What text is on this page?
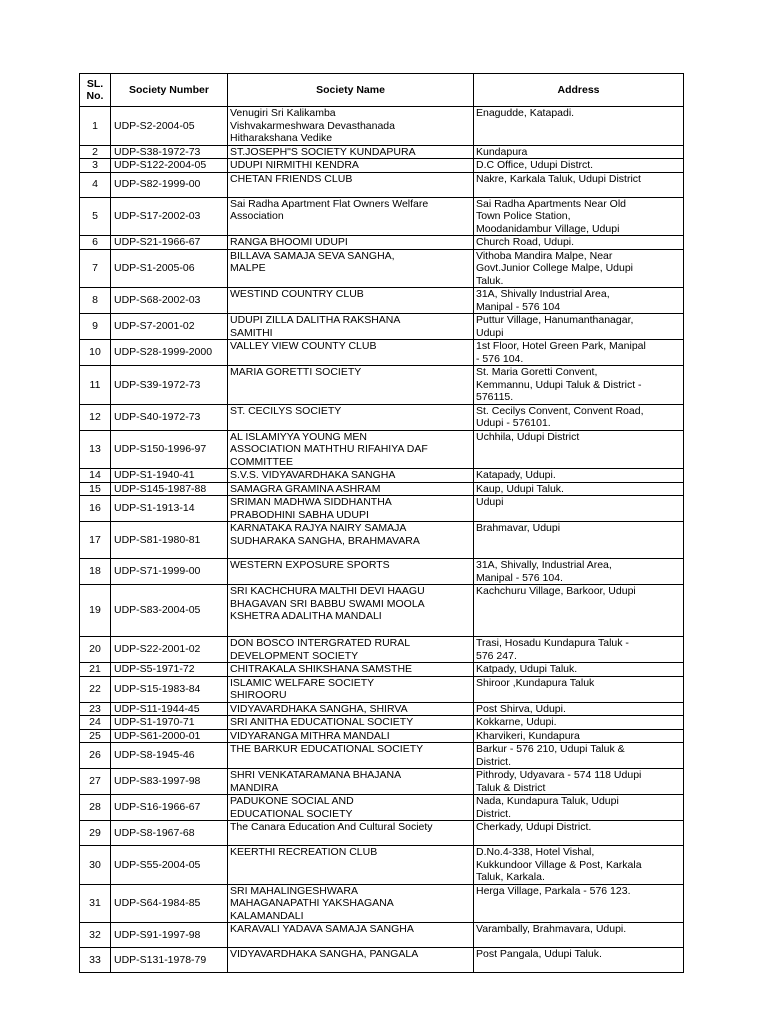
SL.
No.	Society Number	Society Name	Address
1	UDP-S2-2004-05	Venugiri Sri Kalikamba
Vishvakarmeshwara Devasthanada
Hitharakshana Vedike	Enagudde, Katapadi.
2	UDP-S38-1972-73	ST.JOSEPH"S SOCIETY KUNDAPURA	Kundapura
3	UDP-S122-2004-05	UDUPI NIRMITHI KENDRA	D.C Office, Udupi Distrct.
4	UDP-S82-1999-00	CHETAN FRIENDS CLUB	Nakre, Karkala Taluk, Udupi District
5	UDP-S17-2002-03	Sai Radha Apartment Flat Owners Welfare
Association	Sai Radha Apartments Near Old
Town Police Station,
Moodanidambur Village, Udupi
6	UDP-S21-1966-67	RANGA BHOOMI UDUPI	Church Road, Udupi.
7	UDP-S1-2005-06	BILLAVA SAMAJA SEVA SANGHA,
MALPE	Vithoba Mandira Malpe, Near
Govt.Junior College Malpe, Udupi
Taluk.
8	UDP-S68-2002-03	WESTIND COUNTRY CLUB	31A, Shivally Industrial Area,
Manipal - 576 104
9	UDP-S7-2001-02	UDUPI ZILLA DALITHA RAKSHANA
SAMITHI	Puttur Village, Hanumanthanagar,
Udupi
10	UDP-S28-1999-2000	VALLEY VIEW COUNTY CLUB	1st Floor, Hotel Green Park, Manipal
- 576 104.
11	UDP-S39-1972-73	MARIA GORETTI SOCIETY	St. Maria Goretti Convent,
Kemmannu, Udupi Taluk & District -
576115.
12	UDP-S40-1972-73	ST. CECILYS SOCIETY	St. Cecilys Convent, Convent Road,
Udupi - 576101.
13	UDP-S150-1996-97	AL ISLAMIYYA YOUNG MEN
ASSOCIATION MATHTHU RIFAHIYA DAF
COMMITTEE	Uchhila, Udupi District
14	UDP-S1-1940-41	S.V.S. VIDYAVARDHAKA SANGHA	Katapady, Udupi.
15	UDP-S145-1987-88	SAMAGRA GRAMINA ASHRAM	Kaup, Udupi Taluk.
16	UDP-S1-1913-14	SRIMAN MADHWA SIDDHANTHA
PRABODHINI SABHA UDUPI	Udupi
17	UDP-S81-1980-81	KARNATAKA RAJYA NAIRY SAMAJA
SUDHARAKA SANGHA, BRAHMAVARA	Brahmavar, Udupi
18	UDP-S71-1999-00	WESTERN EXPOSURE SPORTS	31A, Shivally, Industrial Area,
Manipal - 576 104.
19	UDP-S83-2004-05	SRI KACHCHURA MALTHI DEVI HAAGU
BHAGAVAN SRI BABBU SWAMI MOOLA
KSHETRA ADALITHA MANDALI	Kachchuru Village, Barkoor, Udupi
20	UDP-S22-2001-02	DON BOSCO INTERGRATED RURAL
DEVELOPMENT SOCIETY	Trasi, Hosadu Kundapura Taluk -
576 247.
21	UDP-S5-1971-72	CHITRAKALA SHIKSHANA SAMSTHE	Katpady, Udupi Taluk.
22	UDP-S15-1983-84	ISLAMIC WELFARE SOCIETY
SHIROORU	Shiroor ,Kundapura Taluk
23	UDP-S11-1944-45	VIDYAVARDHAKA SANGHA, SHIRVA	Post Shirva, Udupi.
24	UDP-S1-1970-71	SRI ANITHA EDUCATIONAL SOCIETY	Kokkarne, Udupi.
25	UDP-S61-2000-01	VIDYARANGA MITHRA MANDALI	Kharvikeri, Kundapura
26	UDP-S8-1945-46	THE BARKUR EDUCATIONAL SOCIETY	Barkur - 576 210, Udupi Taluk &
District.
27	UDP-S83-1997-98	SHRI VENKATARAMANA BHAJANA
MANDIRA	Pithrody, Udyavara - 574 118 Udupi
Taluk & District
28	UDP-S16-1966-67	PADUKONE SOCIAL AND
EDUCATIONAL SOCIETY	Nada, Kundapura Taluk, Udupi
District.
29	UDP-S8-1967-68	The Canara Education And Cultural Society	Cherkady, Udupi District.
30	UDP-S55-2004-05	KEERTHI RECREATION CLUB	D.No.4-338, Hotel Vishal,
Kukkundoor Village & Post, Karkala
Taluk, Karkala.
31	UDP-S64-1984-85	SRI MAHALINGESHWARA
MAHAGANAPATHI YAKSHAGANA
KALAMANDALI	Herga Village, Parkala - 576 123.
32	UDP-S91-1997-98	KARAVALI YADAVA SAMAJA SANGHA	Varambally, Brahmavara, Udupi.
33	UDP-S131-1978-79	VIDYAVARDHAKA SANGHA, PANGALA	Post Pangala, Udupi Taluk.
